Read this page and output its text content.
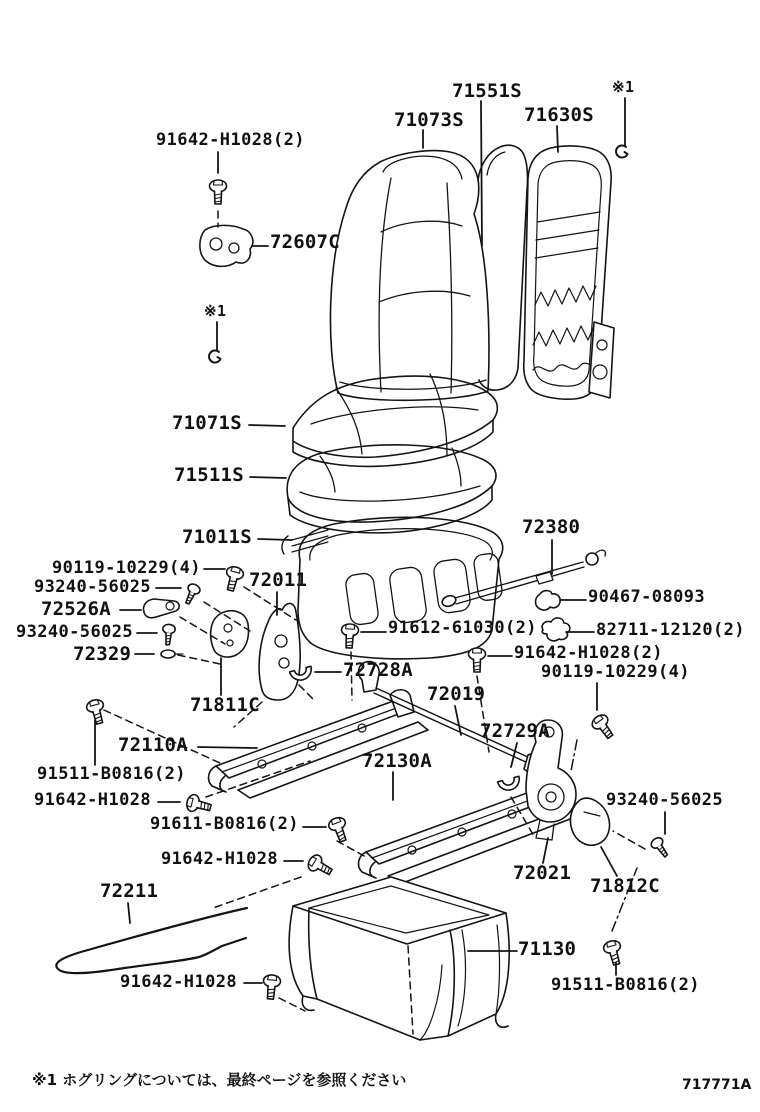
71551S
71073S	71630S
※1
91642-H1028(2)
72607C
※1
71071S
71511S
71011S	72380
90119-10229(4)
93240-56025	72011
72526A
90467-08093
93240-56025	91612-61030(2)	82711-12120(2)
72329	91642-H1028(2)
90119-10229(4)
72728A
71811C	72019
72110A
72729A
91511-B0816(2)
72130A
91642-H1028	93240-56025
91611-B0816(2)
91642-H1028
72021
71812C
72211
71130
91642-H1028	91511-B0816(2)
※1 ホグリングについては、最終ページを参照ください	717771A
